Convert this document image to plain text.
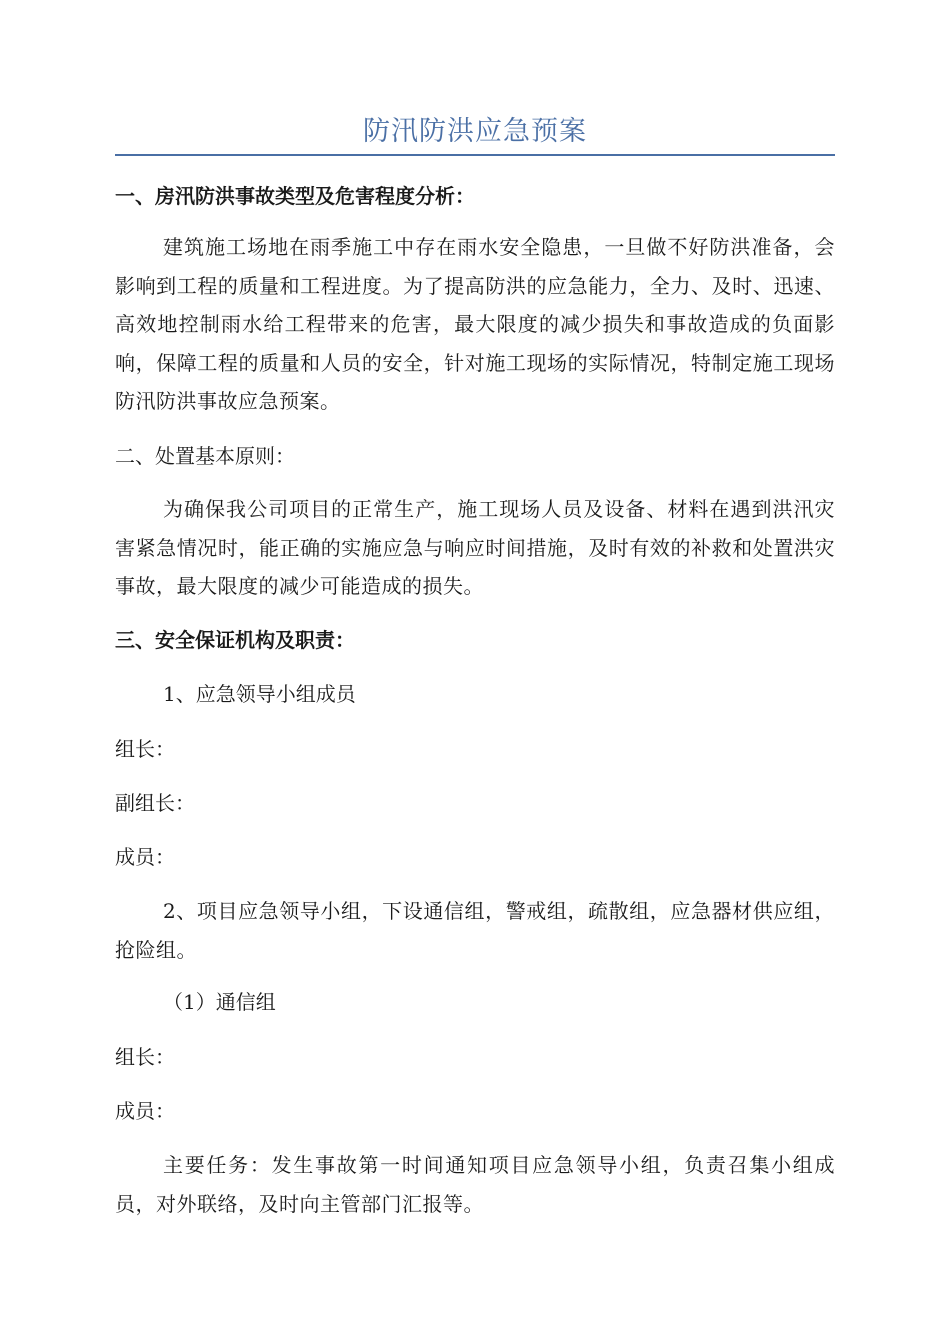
防汛防洪应急预案
一、房汛防洪事故类型及危害程度分析：
建筑施工场地在雨季施工中存在雨水安全隐患，一旦做不好防洪准备，会影响到工程的质量和工程进度。为了提高防洪的应急能力，全力、及时、迅速、高效地控制雨水给工程带来的危害，最大限度的减少损失和事故造成的负面影响，保障工程的质量和人员的安全，针对施工现场的实际情况，特制定施工现场防汛防洪事故应急预案。
二、处置基本原则：
为确保我公司项目的正常生产，施工现场人员及设备、材料在遇到洪汛灾害紧急情况时，能正确的实施应急与响应时间措施，及时有效的补救和处置洪灾事故，最大限度的减少可能造成的损失。
三、安全保证机构及职责：
1、应急领导小组成员
组长：
副组长：
成员：
2、项目应急领导小组，下设通信组，警戒组，疏散组，应急器材供应组，抢险组。
（1）通信组
组长：
成员：
主要任务：发生事故第一时间通知项目应急领导小组，负责召集小组成员，对外联络，及时向主管部门汇报等。
